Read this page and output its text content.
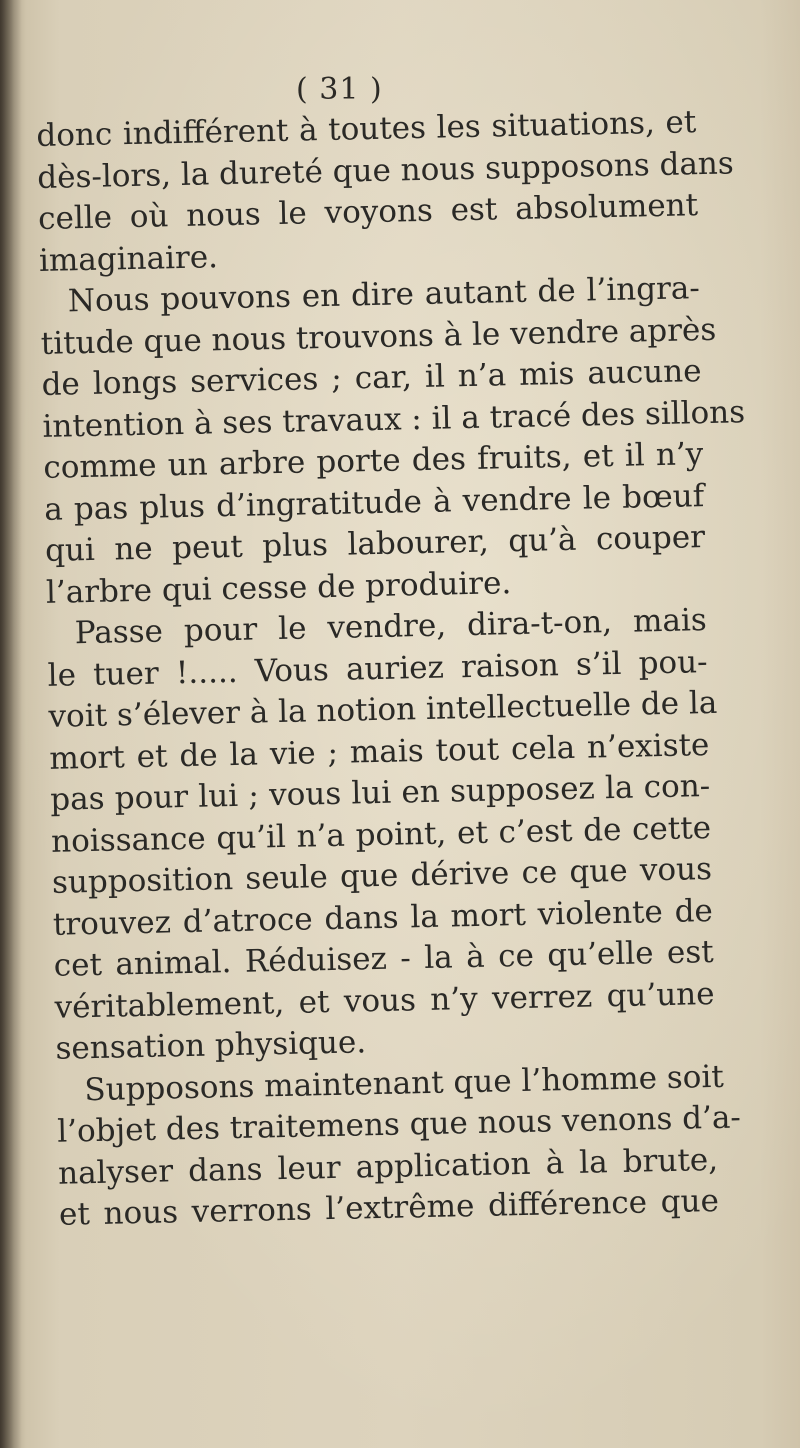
( 31 )
donc indifférent à toutes les situations, et
dès-lors, la dureté que nous supposons dans
celle où nous le voyons est absolument
imaginaire.
Nous pouvons en dire autant de l’ingra-
titude que nous trouvons à le vendre après
de longs services ; car, il n’a mis aucune
intention à ses travaux : il a tracé des sillons
comme un arbre porte des fruits, et il n’y
a pas plus d’ingratitude à vendre le bœuf
qui ne peut plus labourer, qu’à couper
l’arbre qui cesse de produire.
Passe pour le vendre, dira-t-on, mais
le tuer !..... Vous auriez raison s’il pou-
voit s’élever à la notion intellectuelle de la
mort et de la vie ; mais tout cela n’existe
pas pour lui ; vous lui en supposez la con-
noissance qu’il n’a point, et c’est de cette
supposition seule que dérive ce que vous
trouvez d’atroce dans la mort violente de
cet animal. Réduisez - la à ce qu’elle est
véritablement, et vous n’y verrez qu’une
sensation physique.
Supposons maintenant que l’homme soit
l’objet des traitemens que nous venons d’a-
nalyser dans leur application à la brute,
et nous verrons l’extrême différence que
